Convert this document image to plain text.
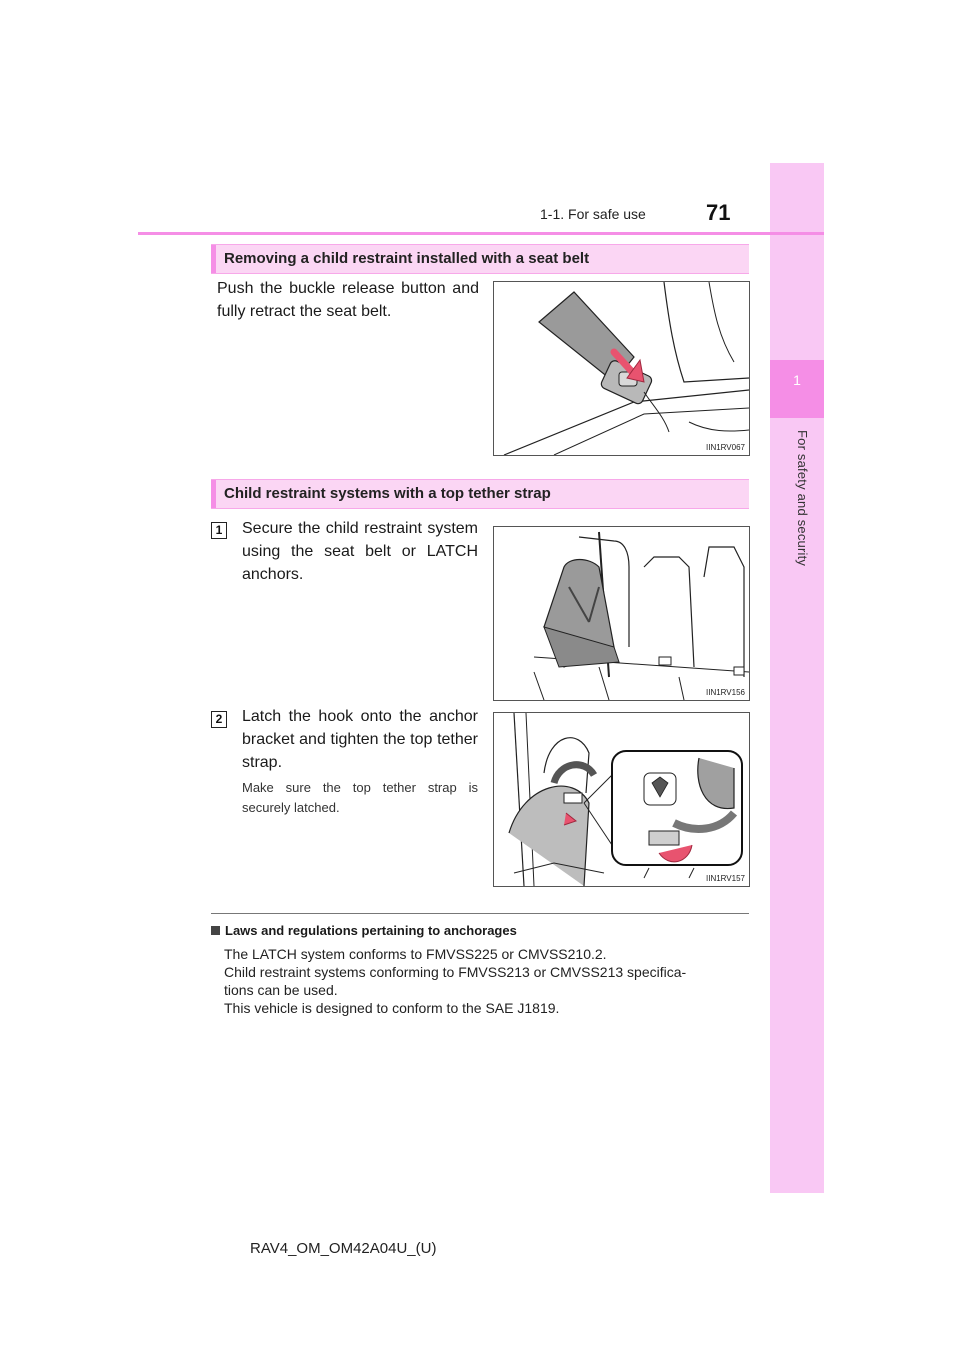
1
For safety and security
1-1. For safe use	71
Removing a child restraint installed with a seat belt
Push the buckle release button and fully retract the seat belt.
IIN1RV067
Child restraint systems with a top tether strap
1 Secure the child restraint system using the seat belt or LATCH anchors.
IIN1RV156
2 Latch the hook onto the anchor bracket and tighten the top tether strap.
Make sure the top tether strap is securely latched.
IIN1RV157
Laws and regulations pertaining to anchorages
The LATCH system conforms to FMVSS225 or CMVSS210.2.
Child restraint systems conforming to FMVSS213 or CMVSS213 specifica-
tions can be used.
This vehicle is designed to conform to the SAE J1819.
RAV4_OM_OM42A04U_(U)
